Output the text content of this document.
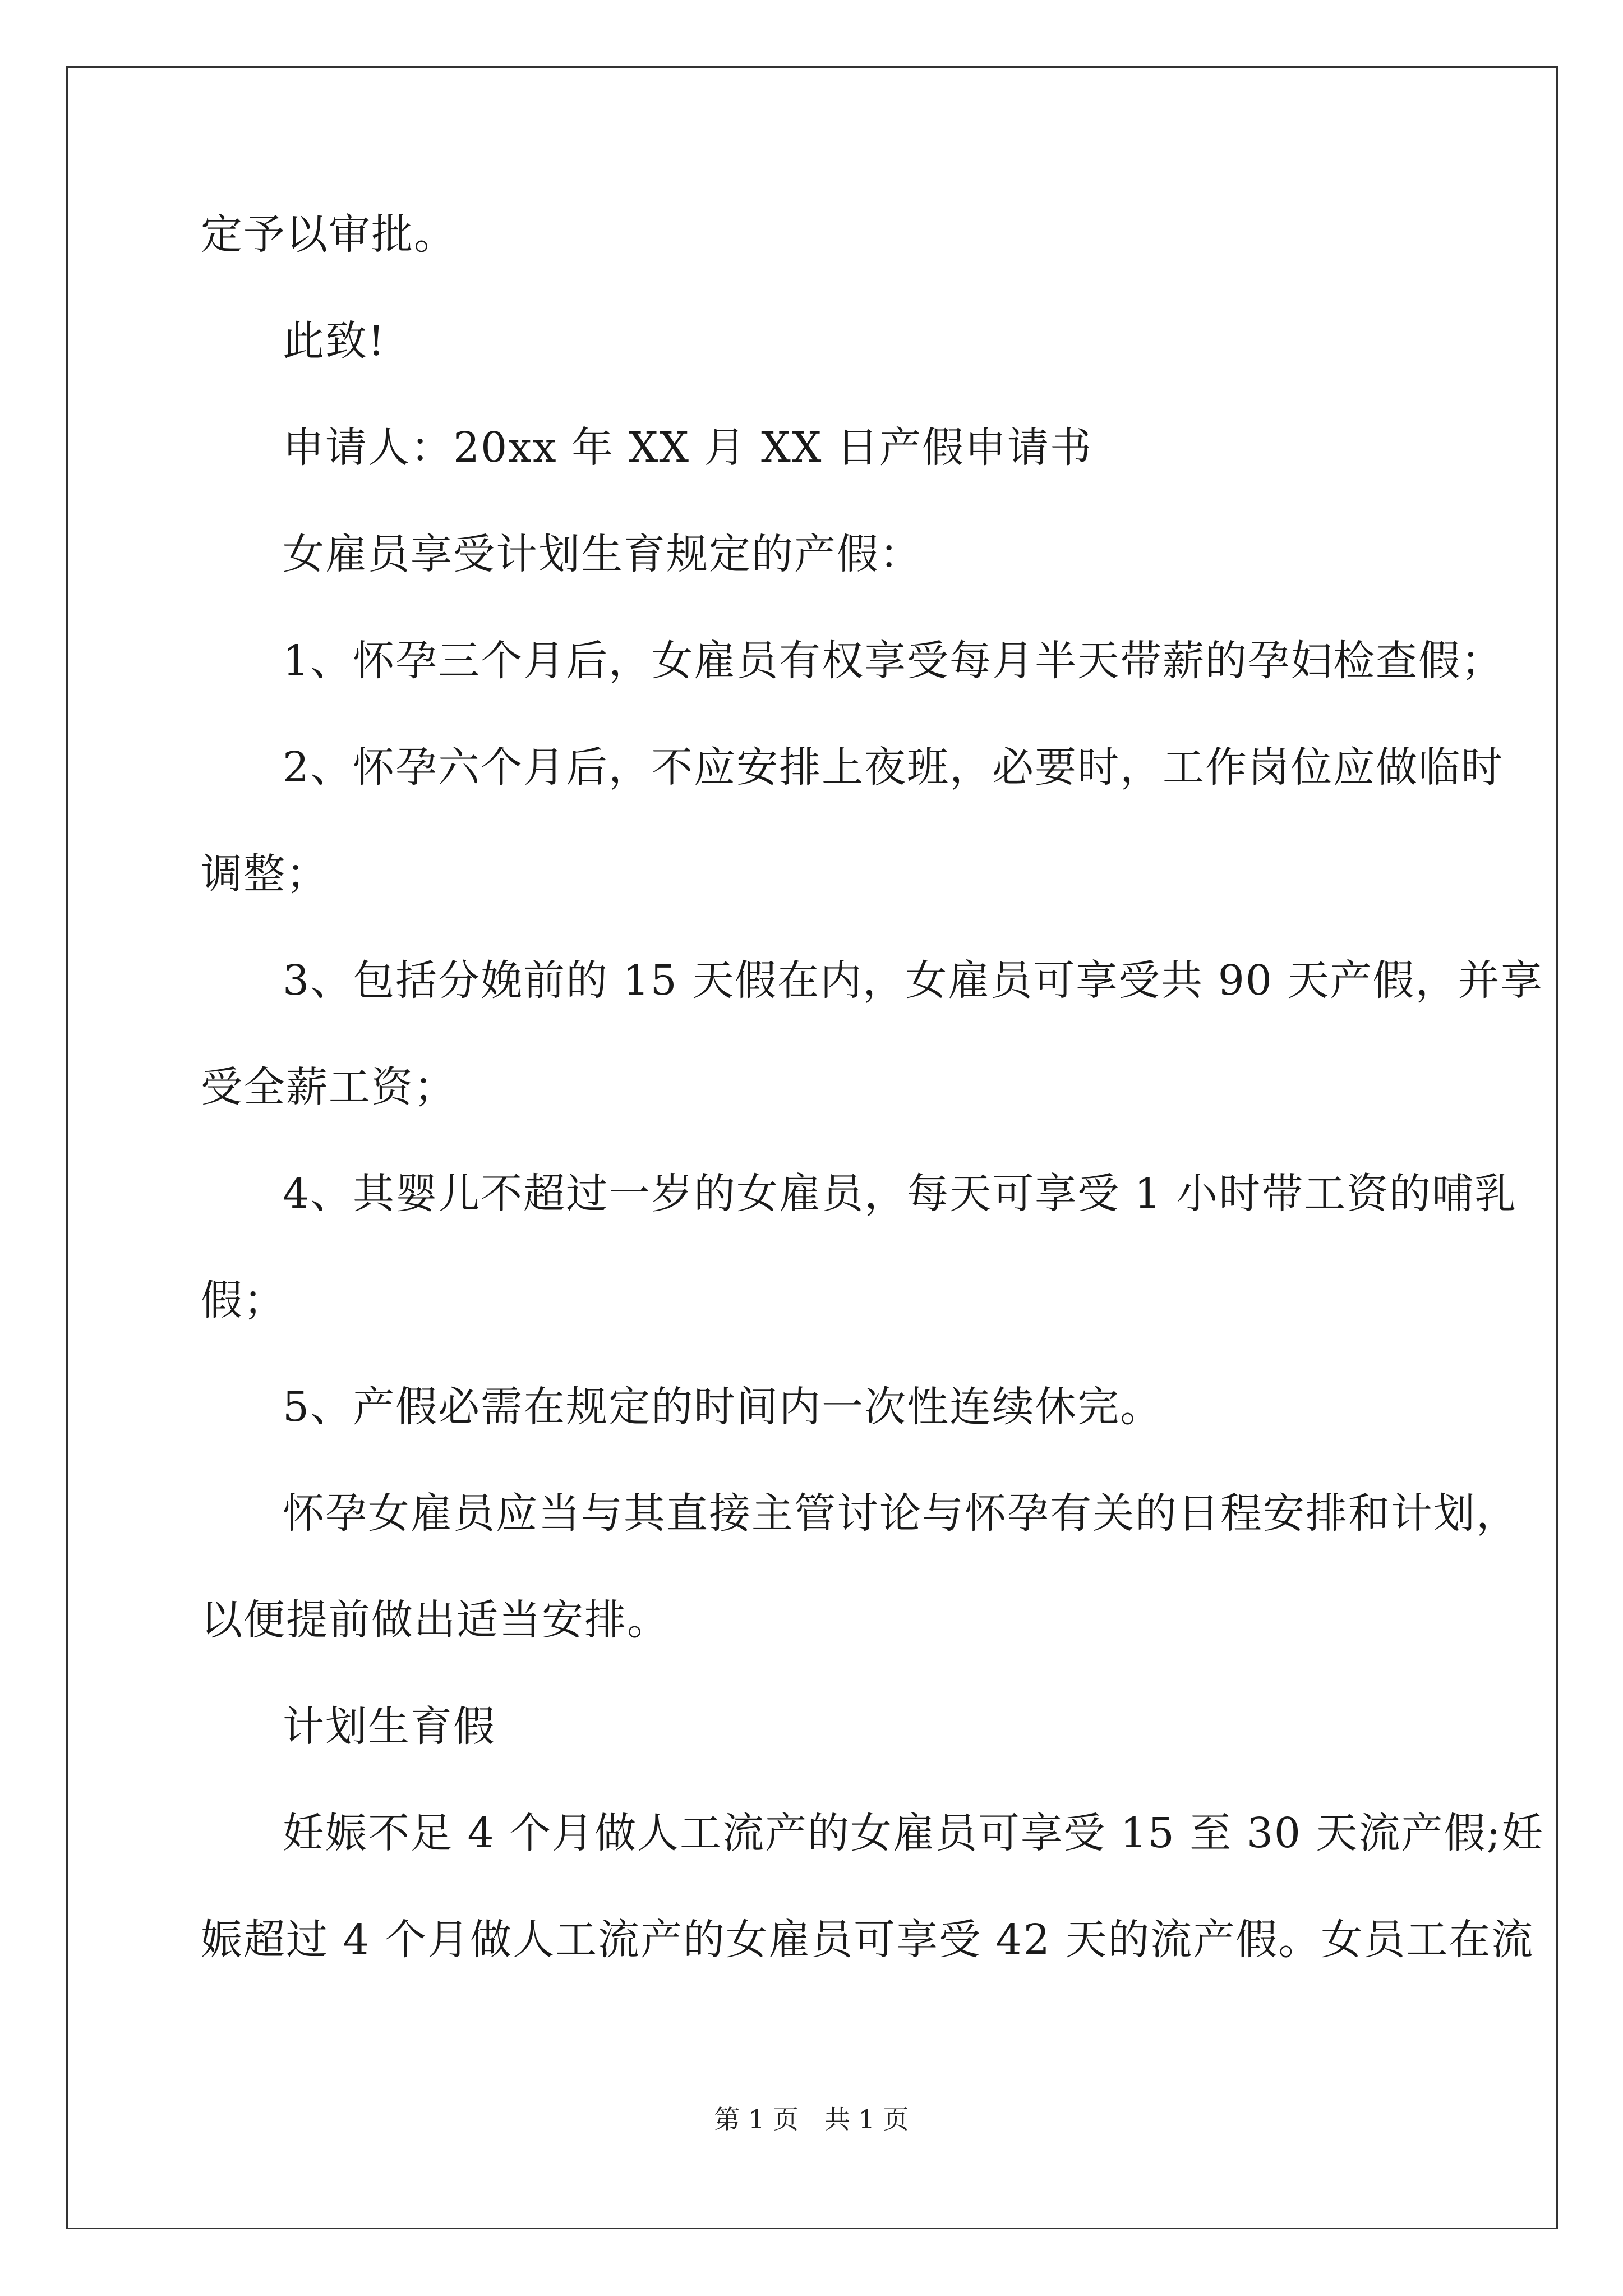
定予以审批。
此致!
申请人：20xx 年 XX 月 XX 日产假申请书
女雇员享受计划生育规定的产假：
1、怀孕三个月后，女雇员有权享受每月半天带薪的孕妇检查假；
2、怀孕六个月后，不应安排上夜班，必要时，工作岗位应做临时
调整；
3、包括分娩前的 15 天假在内，女雇员可享受共 90 天产假，并享
受全薪工资；
4、其婴儿不超过一岁的女雇员，每天可享受 1 小时带工资的哺乳
假；
5、产假必需在规定的时间内一次性连续休完。
怀孕女雇员应当与其直接主管讨论与怀孕有关的日程安排和计划，
以便提前做出适当安排。
计划生育假
妊娠不足 4 个月做人工流产的女雇员可享受 15 至 30 天流产假;妊
娠超过 4 个月做人工流产的女雇员可享受 42 天的流产假。女员工在流
第 1 页　共 1 页
